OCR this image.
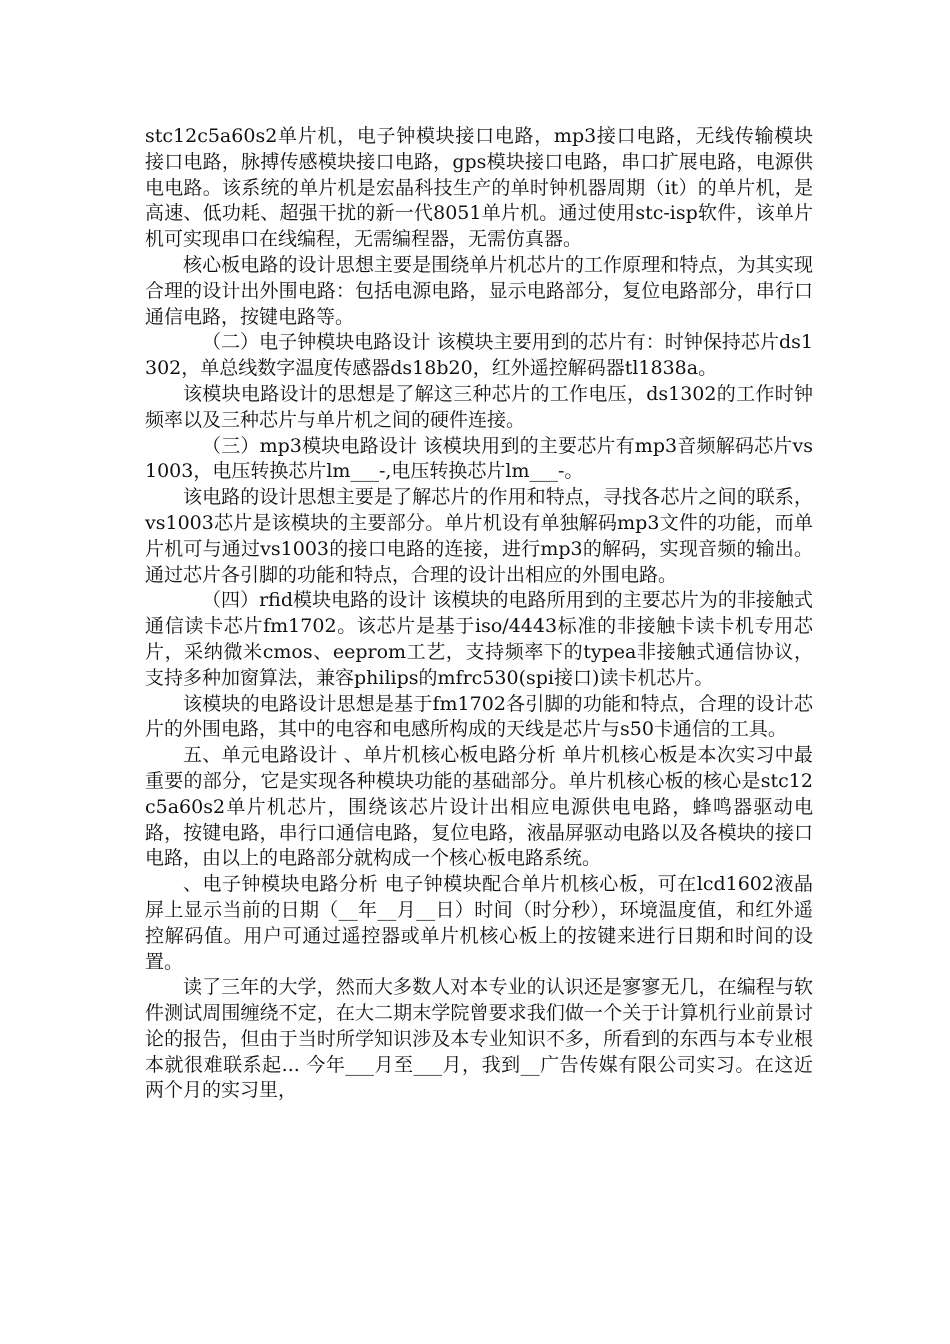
stc12c5a60s2单片机，电子钟模块接口电路，mp3接口电路，无线传输模块接口电路，脉搏传感模块接口电路，gps模块接口电路，串口扩展电路，电源供电电路。该系统的单片机是宏晶科技生产的单时钟机器周期（it）的单片机，是高速、低功耗、超强干扰的新一代8051单片机。通过使用stc-isp软件，该单片机可实现串口在线编程，无需编程器，无需仿真器。

核心板电路的设计思想主要是围绕单片机芯片的工作原理和特点，为其实现合理的设计出外围电路：包括电源电路，显示电路部分，复位电路部分，串行口通信电路，按键电路等。

（二）电子钟模块电路设计 该模块主要用到的芯片有：时钟保持芯片ds1302，单总线数字温度传感器ds18b20，红外遥控解码器tl1838a。

该模块电路设计的思想是了解这三种芯片的工作电压，ds1302的工作时钟频率以及三种芯片与单片机之间的硬件连接。

（三）mp3模块电路设计 该模块用到的主要芯片有mp3音频解码芯片vs1003，电压转换芯片lm___-,电压转换芯片lm___-。

该电路的设计思想主要是了解芯片的作用和特点，寻找各芯片之间的联系，vs1003芯片是该模块的主要部分。单片机设有单独解码mp3文件的功能，而单片机可与通过vs1003的接口电路的连接，进行mp3的解码，实现音频的输出。通过芯片各引脚的功能和特点，合理的设计出相应的外围电路。

（四）rfid模块电路的设计 该模块的电路所用到的主要芯片为的非接触式通信读卡芯片fm1702。该芯片是基于iso/4443标准的非接触卡读卡机专用芯片，采纳微米cmos、eeprom工艺，支持频率下的typea非接触式通信协议， 支持多种加窗算法，兼容philips的mfrc530(spi接口)读卡机芯片。

该模块的电路设计思想是基于fm1702各引脚的功能和特点，合理的设计芯片的外围电路，其中的电容和电感所构成的天线是芯片与s50卡通信的工具。

五、单元电路设计 、单片机核心板电路分析 单片机核心板是本次实习中最重要的部分，它是实现各种模块功能的基础部分。单片机核心板的核心是stc12c5a60s2单片机芯片，围绕该芯片设计出相应电源供电电路，蜂鸣器驱动电路，按键电路，串行口通信电路，复位电路，液晶屏驱动电路以及各模块的接口电路，由以上的电路部分就构成一个核心板电路系统。

、电子钟模块电路分析 电子钟模块配合单片机核心板，可在lcd1602液晶屏上显示当前的日期（__年__月__日）时间（时分秒），环境温度值，和红外遥控解码值。用户可通过遥控器或单片机核心板上的按键来进行日期和时间的设置。

读了三年的大学，然而大多数人对本专业的认识还是寥寥无几，在编程与软件测试周围缠绕不定，在大二期末学院曾要求我们做一个关于计算机行业前景讨论的报告，但由于当时所学知识涉及本专业知识不多，所看到的东西与本专业根本就很难联系起... 今年___月至___月，我到__广告传媒有限公司实习。在这近两个月的实习里，
